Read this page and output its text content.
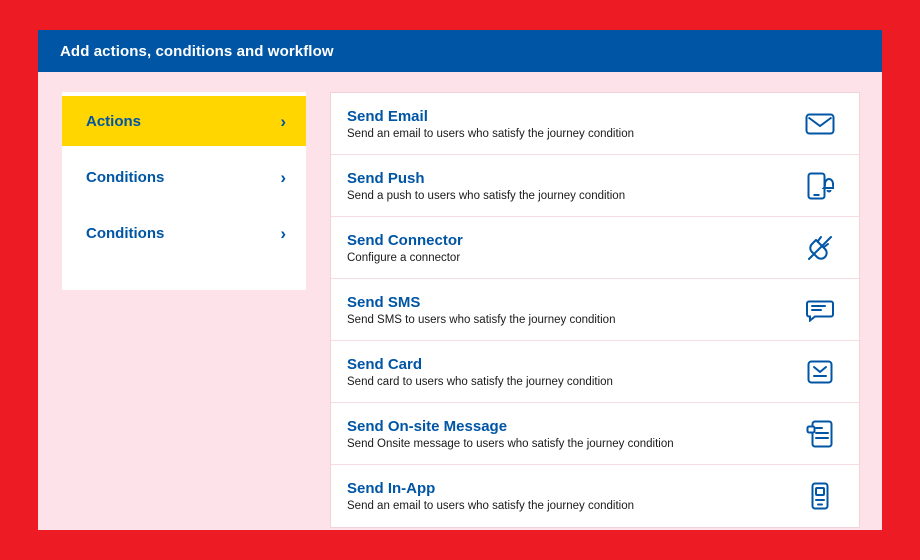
Add actions, conditions and workflow
Actions	›
Conditions	›
Conditions	›
Send Email
Send an email to users who satisfy the journey condition
Send Push
Send a push to users who satisfy the journey condition
Send Connector
Configure a connector
Send SMS
Send SMS to users who satisfy the journey condition
Send Card
Send card to users who satisfy the journey condition
Send On-site Message
Send Onsite message to users who satisfy the journey condition
Send In-App
Send an email to users who satisfy the journey condition
